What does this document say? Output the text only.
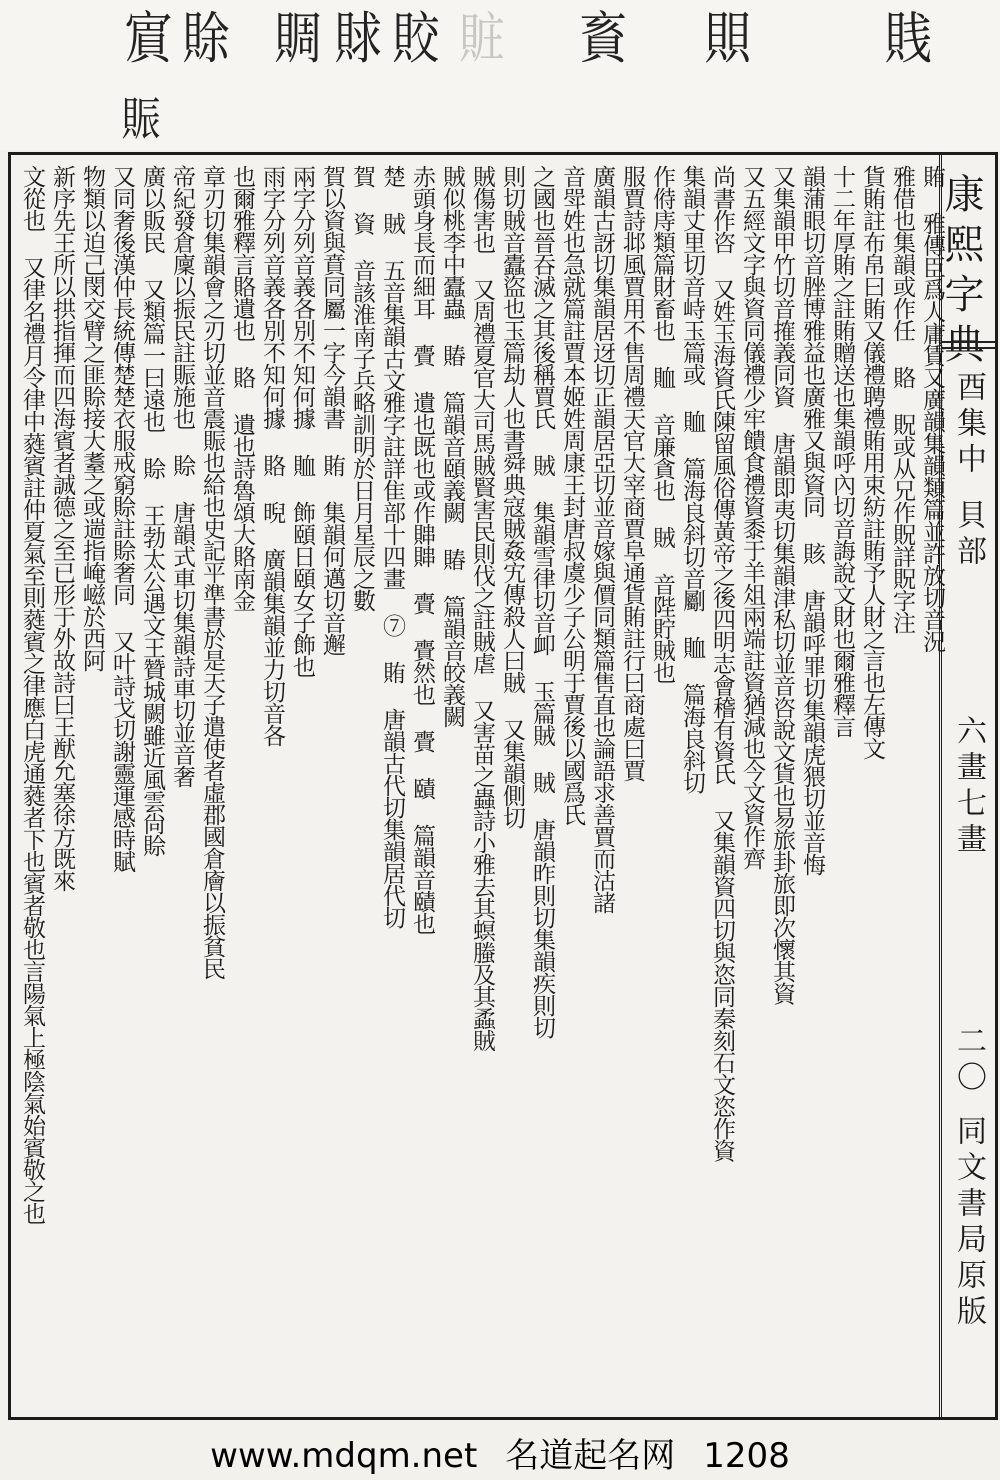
賔 賖
賑
賙 賕 賋 賍 賌 賏 賎
賄 雅傳臣爲人庸賃又廣韻集韻類篇並許放切音況
雅借也集韻或作任 賂 貺或从兄作貺詳貺字注
貨賄註布帛曰賄又儀禮聘禮賄用束紡註賄予人財之言也左傳文
十二年厚賄之註賄贈送也集韻呼內切音誨說文財也爾雅釋言
韻蒲眼切音脞博雅益也廣雅又與資同 賅 唐韻呼罪切集韻虎猥切並音悔
又集韻甲竹切音搉義同資 唐韻即夷切集韻津私切並音咨說文貨也易旅卦旅即次懷其資
又五經文字與資同儀禮少牢饋食禮資黍于羊俎兩端註資猶減也今文資作齊
尚書作咨 又姓玉海資氏陳留風俗傳黃帝之後四明志會稽有資氏 又集韻資四切與恣同秦刻石文恣作資
集韻丈里切音峙玉篇或 賉 篇海良斜切音劚 賉 篇海良斜切
作偫庤類篇財畜也 賉 音廉貪也 賊 音陛貯賊也
服賈詩邶風賈用不售周禮天官大宰商賈阜通貨賄註行曰商處曰賈
廣韻古訝切集韻居迓切正韻居亞切並音嫁與價同類篇售直也論語求善賈而沽諸
音斝姓也急就篇註賈本姬姓周康王封唐叔虞少子公明于賈後以國爲氏
之國也晉吞滅之其後稱賈氏 賊 集韻雪律切音卹 玉篇賊 賊 唐韻昨則切集韻疾則切
則切賊音蠹盜也玉篇劫人也書舜典寇賊姦宄傳殺人曰賊 又集韻側切
賊傷害也 又周禮夏官大司馬賊賢害民則伐之註賊虐 又害苗之蟲詩小雅去其螟螣及其蟊賊
賊似桃李中蠹蟲 賰 篇韻音頤義闕 賰 篇韻音皎義闕
赤頭身長而細耳 賷 遺也既也或作賗賗 賷 賷然也 賷 賾 篇韻音賾也
楚 賊 五音集韻古文雅字註詳隹部十四畫 ⑦ 賄 唐韻古代切集韻居代切
賀 資 音該淮南子兵略訓明於日月星辰之數
賀以資與賁同屬一字今韻書 賄 集韻何邁切音邂
兩字分列音義各別不知何據 賉 飾頤日頤女子飾也
雨字分列音義各別不知何據 賂 晲 廣韻集韻並力切音各
也爾雅釋言賂遺也 賂 遺也詩魯頌大賂南金
章刃切集韻會之刃切並音震賑也給也史記平準書於是天子遣使者虛郡國倉廥以振貧民
帝紀發倉廩以振民註賑施也 賒 唐韻式車切集韻詩車切並音奢
廣以販民 又類篇一曰遠也 賒 王勃太公遇文王贊城闕雖近風雲尙賒
又同奢後漢仲長統傳楚楚衣服戒窮賒註賒奢同 又叶詩戈切謝靈運感時賦
物類以迫己閔交臂之匪賒接大耋之或遄指崦嵫於西阿
新序先王所以拱指揮而四海賓者誠德之至已形于外故詩曰王猷允塞徐方既來
文從也 又律名禮月令律中蕤賓註仲夏氣至則蕤賓之律應白虎通蕤者下也賓者敬也言陽氣上極陰氣始賓敬之也	康熙字典
酉集中
貝部
六畫七畫
二〇
同文書局原版
www.mdqm.net 名道起名网 1208
